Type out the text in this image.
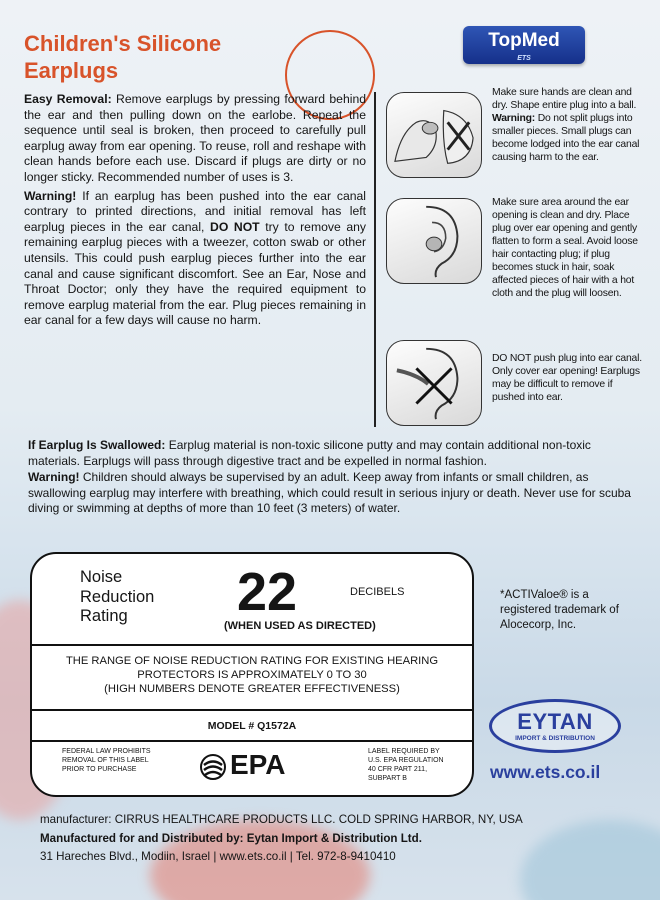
Children's Silicone Earplugs
TopMed
ETS

Easy Removal: Remove earplugs by pressing forward behind the ear and then pulling down on the earlobe. Repeat the sequence until seal is broken, then proceed to carefully pull earplug away from ear opening. To reuse, roll and reshape with clean hands before each use. Discard if plugs are dirty or no longer sticky. Recommended number of uses is 3.

Warning! If an earplug has been pushed into the ear canal contrary to printed directions, and initial removal has left earplug pieces in the ear canal, DO NOT try to remove any remaining earplug pieces with a tweezer, cotton swab or other utensils. This could push earplug pieces further into the ear canal and cause significant discomfort. See an Ear, Nose and Throat Doctor; only they have the required equipment to remove earplug material from the ear. Plug pieces remaining in ear canal for a few days will cause no harm.

Make sure hands are clean and dry. Shape entire plug into a ball. Warning: Do not split plugs into smaller pieces. Small plugs can become lodged into the ear canal causing harm to the ear.
Make sure area around the ear opening is clean and dry. Place plug over ear opening and gently flatten to form a seal. Avoid loose hair contacting plug; if plug becomes stuck in hair, soak affected pieces of hair with a hot cloth and the plug will loosen.
DO NOT push plug into ear canal. Only cover ear opening! Earplugs may be difficult to remove if pushed into ear.

If Earplug Is Swallowed: Earplug material is non-toxic silicone putty and may contain additional non-toxic materials. Earplugs will pass through digestive tract and be expelled in normal fashion.

Warning! Children should always be supervised by an adult. Keep away from infants or small children, as swallowing earplug may interfere with breathing, which could result in serious injury or death. Never use for scuba diving or swimming at depths of more than 10 feet (3 meters) of water.

Noise
Reduction
Rating	22	DECIBELS
(WHEN USED AS DIRECTED)
THE RANGE OF NOISE REDUCTION RATING FOR EXISTING HEARING
PROTECTORS IS APPROXIMATELY 0 TO 30
(HIGH NUMBERS DENOTE GREATER EFFECTIVENESS)
MODEL # Q1572A
FEDERAL LAW PROHIBITS REMOVAL OF THIS LABEL PRIOR TO PURCHASE	EPA	LABEL REQUIRED BY U.S. EPA REGULATION 40 CFR PART 211, SUBPART B
*ACTIValoe® is a registered trademark of Alocecorp, Inc.
EYTAN
IMPORT & DISTRIBUTION
www.ets.co.il
manufacturer: CIRRUS HEALTHCARE PRODUCTS LLC. COLD SPRING HARBOR, NY, USA
Manufactured for and Distributed by: Eytan Import & Distribution Ltd.
31 Hareches Blvd., Modiin, Israel | www.ets.co.il | Tel. 972-8-9410410
